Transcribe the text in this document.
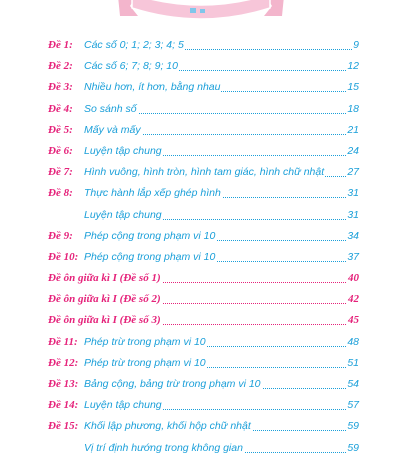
Đề 1: Các số 0; 1; 2; 3; 4; 5	9
Đề 2: Các số 6; 7; 8; 9; 10	12
Đề 3: Nhiều hơn, ít hơn, bằng nhau	15
Đề 4: So sánh số	18
Đề 5: Mấy và mấy	21
Đề 6: Luyện tập chung	24
Đề 7: Hình vuông, hình tròn, hình tam giác, hình chữ nhật 27
Đề 8: Thực hành lắp xếp ghép hình	31
Luyện tập chung	31
Đề 9: Phép cộng trong phạm vi 10	34
Đề 10: Phép cộng trong phạm vi 10	37
Đề ôn giữa kì I (Đề số 1)	40
Đề ôn giữa kì I (Đề số 2)	42
Đề ôn giữa kì I (Đề số 3)	45
Đề 11: Phép trừ trong phạm vi 10	48
Đề 12: Phép trừ trong phạm vi 10	51
Đề 13: Bảng cộng, bảng trừ trong phạm vi 10	54
Đề 14: Luyện tập chung	57
Đề 15: Khối lập phương, khối hộp chữ nhật	59
Vị trí định hướng trong không gian	59
